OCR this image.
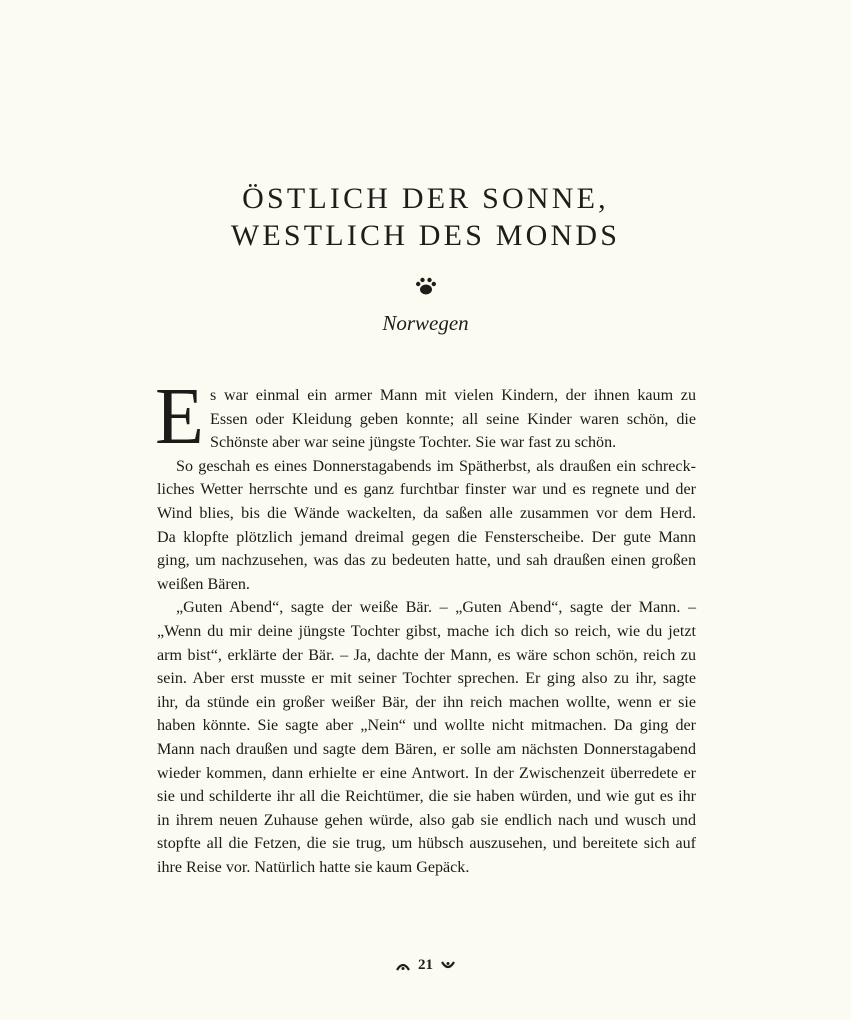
ÖSTLICH DER SONNE,
WESTLICH DES MONDS
Norwegen
E s war einmal ein armer Mann mit vielen Kindern, der ihnen kaum zu
Essen oder Kleidung geben konnte; all seine Kinder waren schön, die
Schönste aber war seine jüngste Tochter. Sie war fast zu schön.
So geschah es eines Donnerstagabends im Spätherbst, als draußen ein schreck-
liches Wetter herrschte und es ganz furchtbar finster war und es regnete und der
Wind blies, bis die Wände wackelten, da saßen alle zusammen vor dem Herd.
Da klopfte plötzlich jemand dreimal gegen die Fensterscheibe. Der gute Mann
ging, um nachzusehen, was das zu bedeuten hatte, und sah draußen einen großen
weißen Bären.
„Guten Abend“, sagte der weiße Bär. – „Guten Abend“, sagte der Mann. –
„Wenn du mir deine jüngste Tochter gibst, mache ich dich so reich, wie du jetzt
arm bist“, erklärte der Bär. – Ja, dachte der Mann, es wäre schon schön, reich zu
sein. Aber erst musste er mit seiner Tochter sprechen. Er ging also zu ihr, sagte
ihr, da stünde ein großer weißer Bär, der ihn reich machen wollte, wenn er sie
haben könnte. Sie sagte aber „Nein“ und wollte nicht mitmachen. Da ging der
Mann nach draußen und sagte dem Bären, er solle am nächsten Donnerstagabend
wieder kommen, dann erhielte er eine Antwort. In der Zwischenzeit überredete er
sie und schilderte ihr all die Reichtümer, die sie haben würden, und wie gut es ihr
in ihrem neuen Zuhause gehen würde, also gab sie endlich nach und wusch und
stopfte all die Fetzen, die sie trug, um hübsch auszusehen, und bereitete sich auf
ihre Reise vor. Natürlich hatte sie kaum Gepäck.
21
